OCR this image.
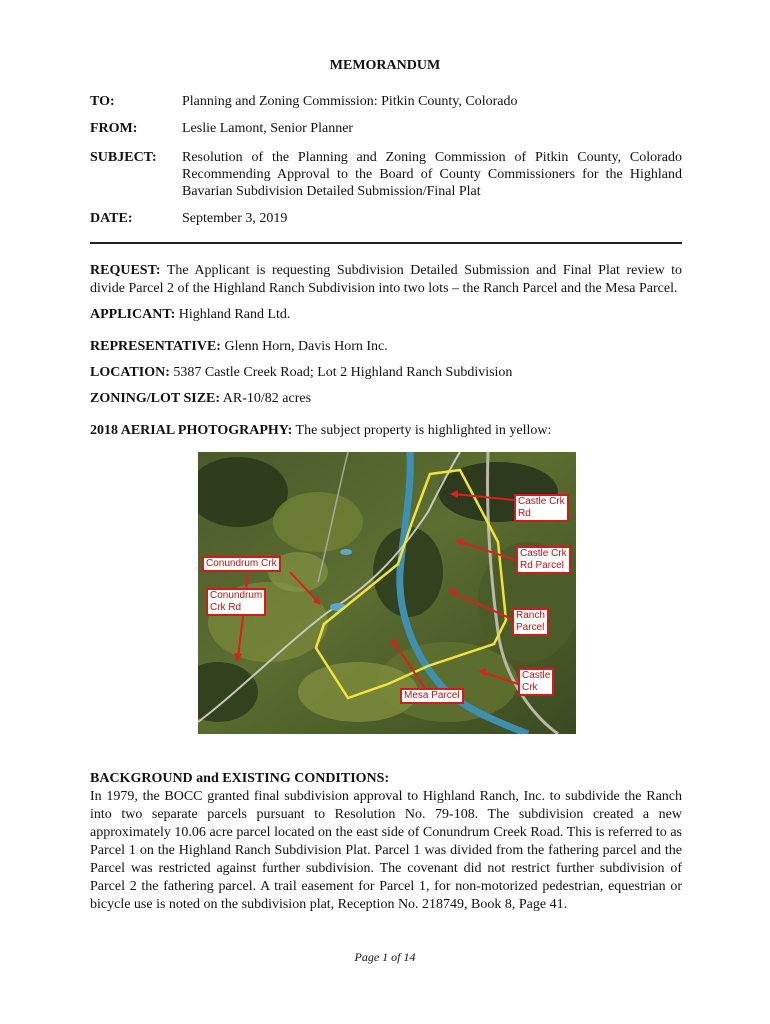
MEMORANDUM
TO:	Planning and Zoning Commission: Pitkin County, Colorado
FROM:	Leslie Lamont, Senior Planner
SUBJECT: Resolution of the Planning and Zoning Commission of Pitkin County, Colorado Recommending Approval to the Board of County Commissioners for the Highland Bavarian Subdivision Detailed Submission/Final Plat
DATE:	September 3, 2019
REQUEST: The Applicant is requesting Subdivision Detailed Submission and Final Plat review to divide Parcel 2 of the Highland Ranch Subdivision into two lots – the Ranch Parcel and the Mesa Parcel.
APPLICANT: Highland Rand Ltd.
REPRESENTATIVE: Glenn Horn, Davis Horn Inc.
LOCATION: 5387 Castle Creek Road; Lot 2 Highland Ranch Subdivision
ZONING/LOT SIZE: AR-10/82 acres
2018 AERIAL PHOTOGRAPHY: The subject property is highlighted in yellow:
Castle Crk
Rd
Castle Crk
Rd Parcel
Conundrum Crk
Conundrum
Crk Rd
Ranch
Parcel
Castle
Crk
Mesa Parcel
BACKGROUND and EXISTING CONDITIONS:
In 1979, the BOCC granted final subdivision approval to Highland Ranch, Inc. to subdivide the Ranch into two separate parcels pursuant to Resolution No. 79-108. The subdivision created a new approximately 10.06 acre parcel located on the east side of Conundrum Creek Road. This is referred to as Parcel 1 on the Highland Ranch Subdivision Plat. Parcel 1 was divided from the fathering parcel and the Parcel was restricted against further subdivision. The covenant did not restrict further subdivision of Parcel 2 the fathering parcel. A trail easement for Parcel 1, for non-motorized pedestrian, equestrian or bicycle use is noted on the subdivision plat, Reception No. 218749, Book 8, Page 41.
Page 1 of 14
